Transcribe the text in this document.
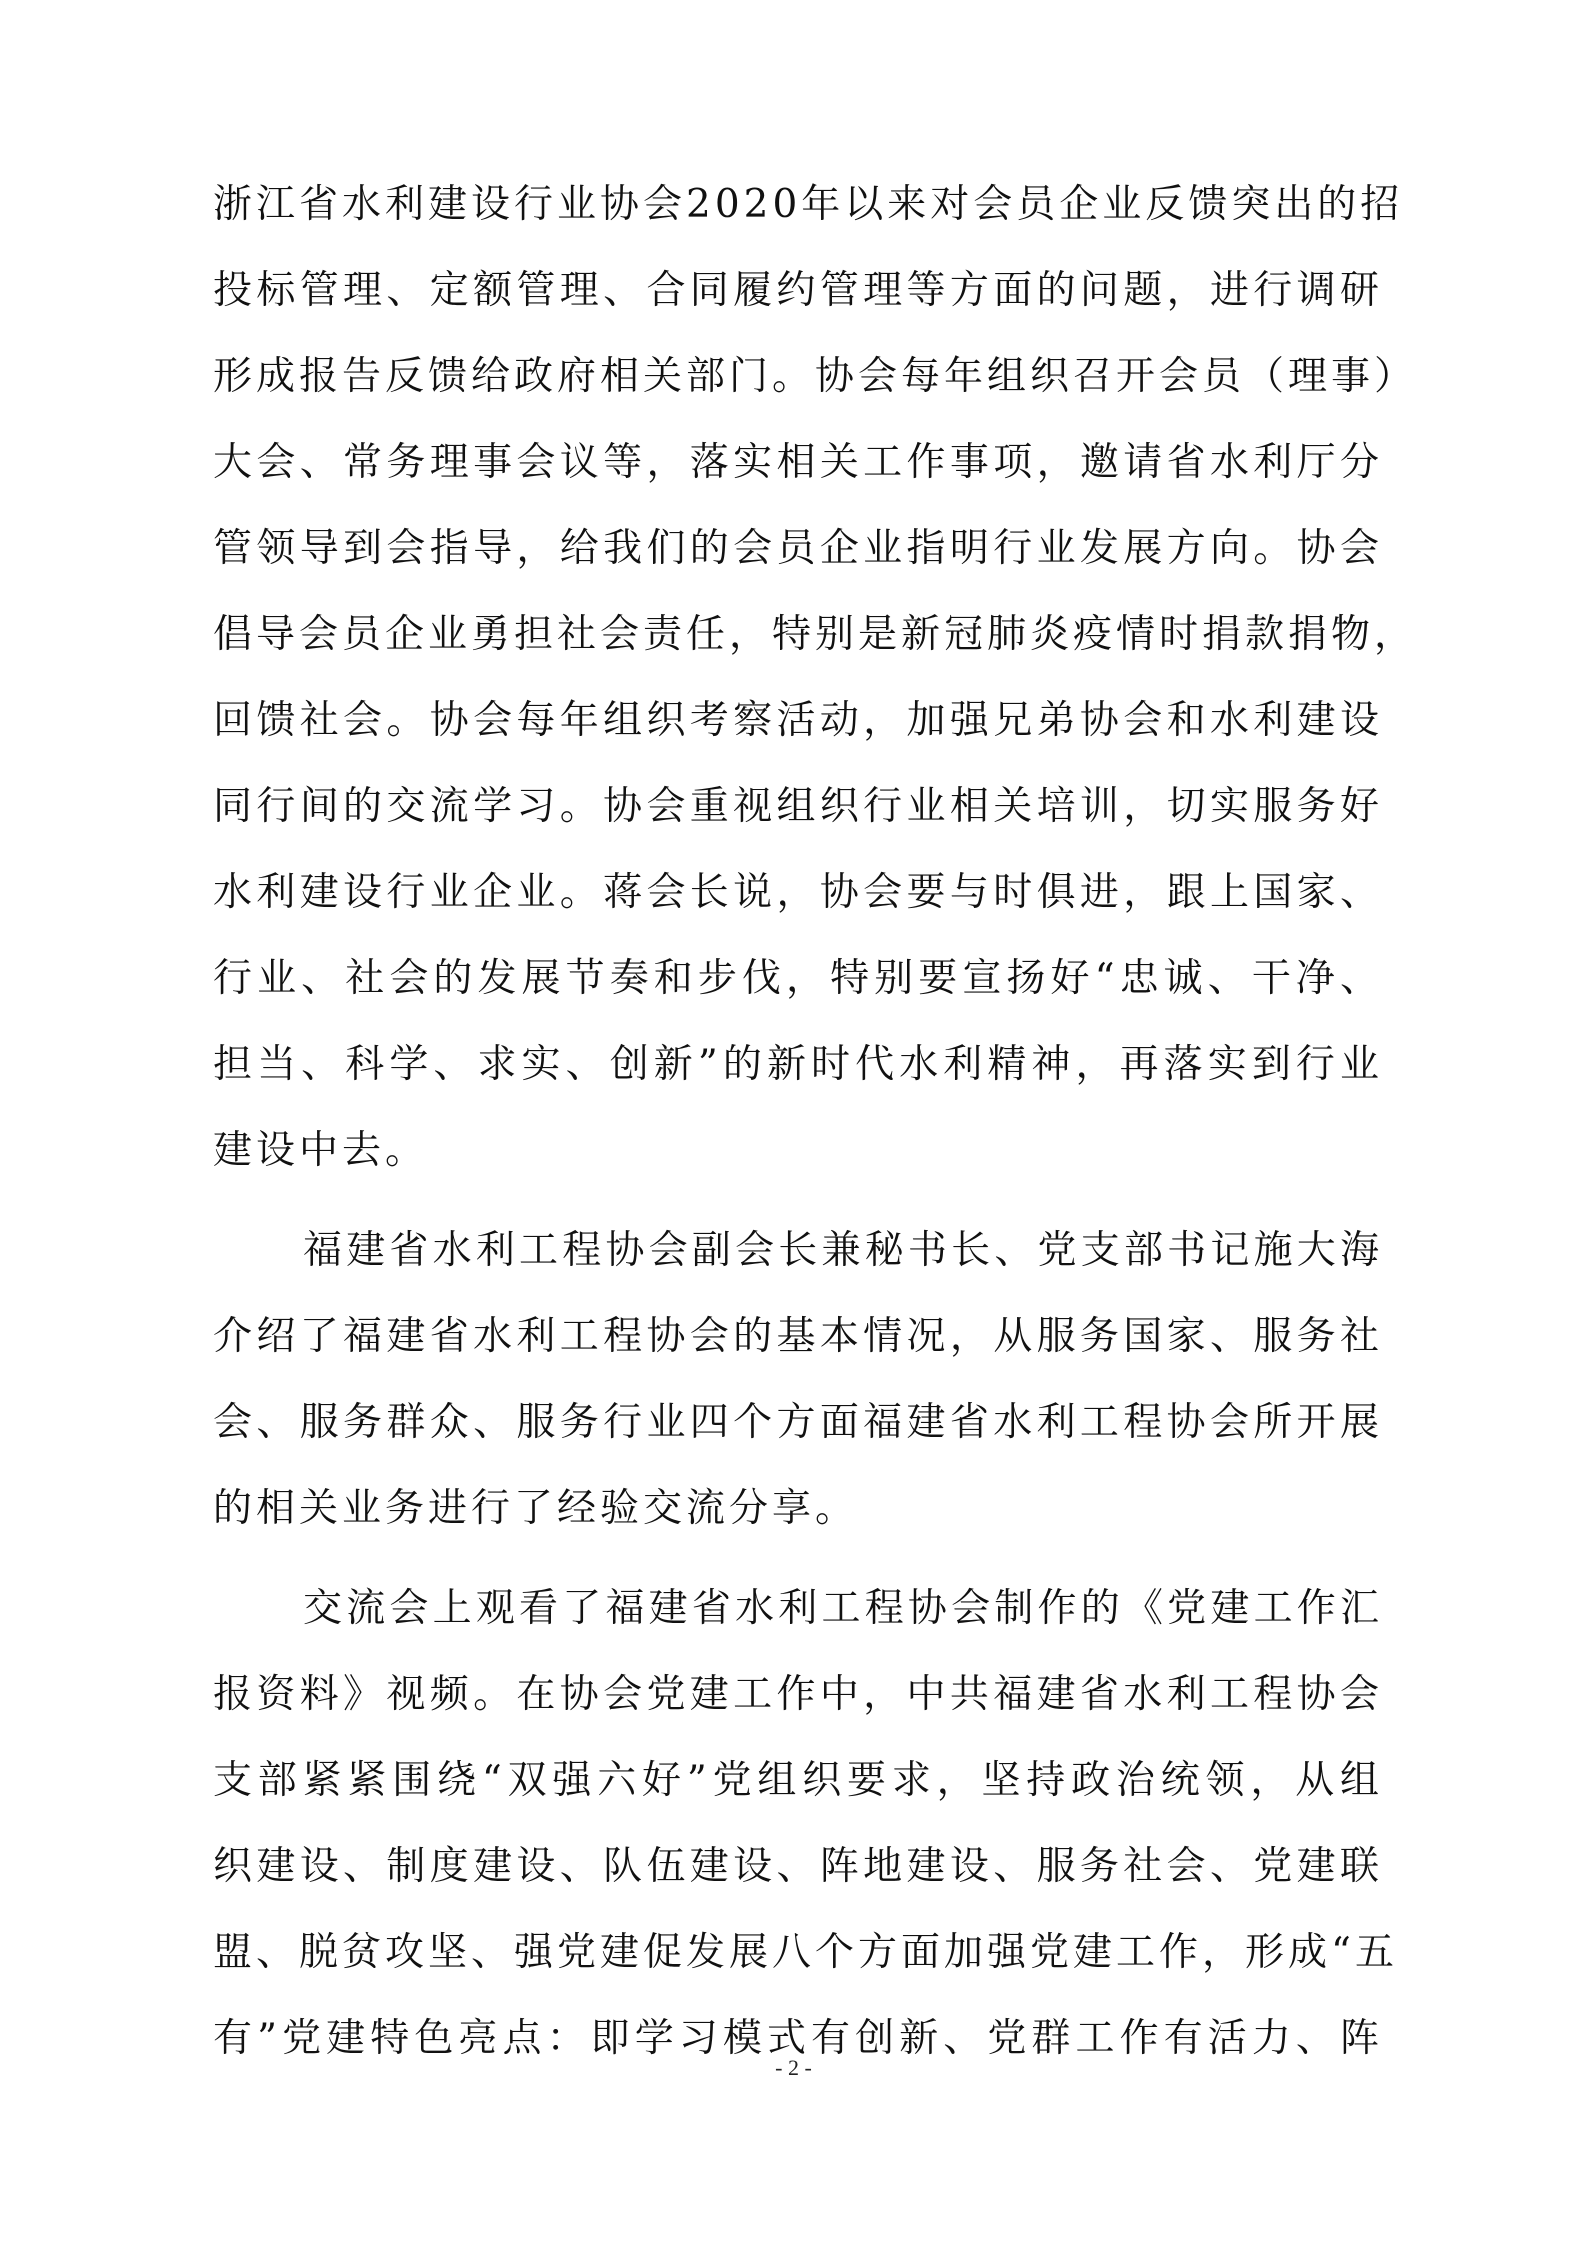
浙江省水利建设行业协会2020年以来对会员企业反馈突出的招
投标管理、定额管理、合同履约管理等方面的问题，进行调研
形成报告反馈给政府相关部门。协会每年组织召开会员（理事）
大会、常务理事会议等，落实相关工作事项，邀请省水利厅分
管领导到会指导，给我们的会员企业指明行业发展方向。协会
倡导会员企业勇担社会责任，特别是新冠肺炎疫情时捐款捐物，
回馈社会。协会每年组织考察活动，加强兄弟协会和水利建设
同行间的交流学习。协会重视组织行业相关培训，切实服务好
水利建设行业企业。蒋会长说，协会要与时俱进，跟上国家、
行业、社会的发展节奏和步伐，特别要宣扬好“忠诚、干净、
担当、科学、求实、创新”的新时代水利精神，再落实到行业
建设中去。
福建省水利工程协会副会长兼秘书长、党支部书记施大海
介绍了福建省水利工程协会的基本情况，从服务国家、服务社
会、服务群众、服务行业四个方面福建省水利工程协会所开展
的相关业务进行了经验交流分享。
交流会上观看了福建省水利工程协会制作的《党建工作汇
报资料》视频。在协会党建工作中，中共福建省水利工程协会
支部紧紧围绕“双强六好”党组织要求，坚持政治统领，从组
织建设、制度建设、队伍建设、阵地建设、服务社会、党建联
盟、脱贫攻坚、强党建促发展八个方面加强党建工作，形成“五
有”党建特色亮点：即学习模式有创新、党群工作有活力、阵
- 2 -
